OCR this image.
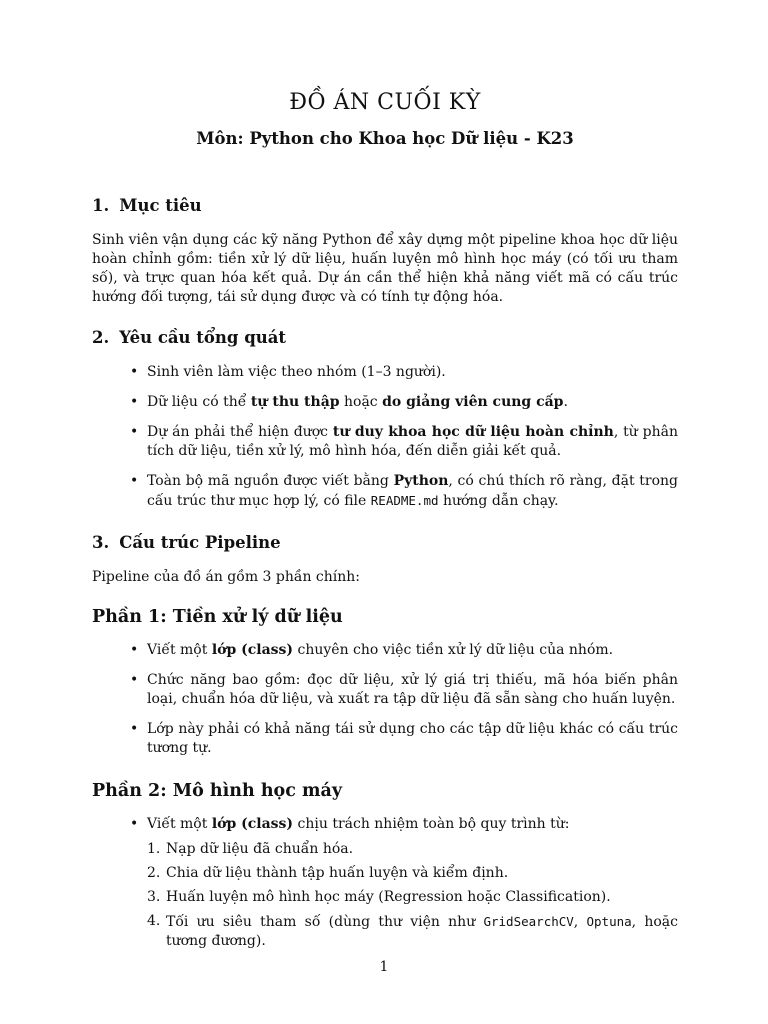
ĐỒ ÁN CUỐI KỲ
Môn: Python cho Khoa học Dữ liệu - K23
1. Mục tiêu

Sinh viên vận dụng các kỹ năng Python để xây dựng một pipeline khoa học dữ liệu hoàn chỉnh gồm: tiền xử lý dữ liệu, huấn luyện mô hình học máy (có tối ưu tham số), và trực quan hóa kết quả. Dự án cần thể hiện khả năng viết mã có cấu trúc hướng đối tượng, tái sử dụng được và có tính tự động hóa.

2. Yêu cầu tổng quát
• Sinh viên làm việc theo nhóm (1–3 người).
• Dữ liệu có thể tự thu thập hoặc do giảng viên cung cấp.
• Dự án phải thể hiện được tư duy khoa học dữ liệu hoàn chỉnh, từ phân tích dữ liệu, tiền xử lý, mô hình hóa, đến diễn giải kết quả.
• Toàn bộ mã nguồn được viết bằng Python, có chú thích rõ ràng, đặt trong cấu trúc thư mục hợp lý, có file README.md hướng dẫn chạy.
3. Cấu trúc Pipeline

Pipeline của đồ án gồm 3 phần chính:

Phần 1: Tiền xử lý dữ liệu
• Viết một lớp (class) chuyên cho việc tiền xử lý dữ liệu của nhóm.
• Chức năng bao gồm: đọc dữ liệu, xử lý giá trị thiếu, mã hóa biến phân loại, chuẩn hóa dữ liệu, và xuất ra tập dữ liệu đã sẵn sàng cho huấn luyện.
• Lớp này phải có khả năng tái sử dụng cho các tập dữ liệu khác có cấu trúc tương tự.
Phần 2: Mô hình học máy
• Viết một lớp (class) chịu trách nhiệm toàn bộ quy trình từ:
1. Nạp dữ liệu đã chuẩn hóa.
2. Chia dữ liệu thành tập huấn luyện và kiểm định.
3. Huấn luyện mô hình học máy (Regression hoặc Classification).
4. Tối ưu siêu tham số (dùng thư viện như GridSearchCV, Optuna, hoặc tương đương).
1
